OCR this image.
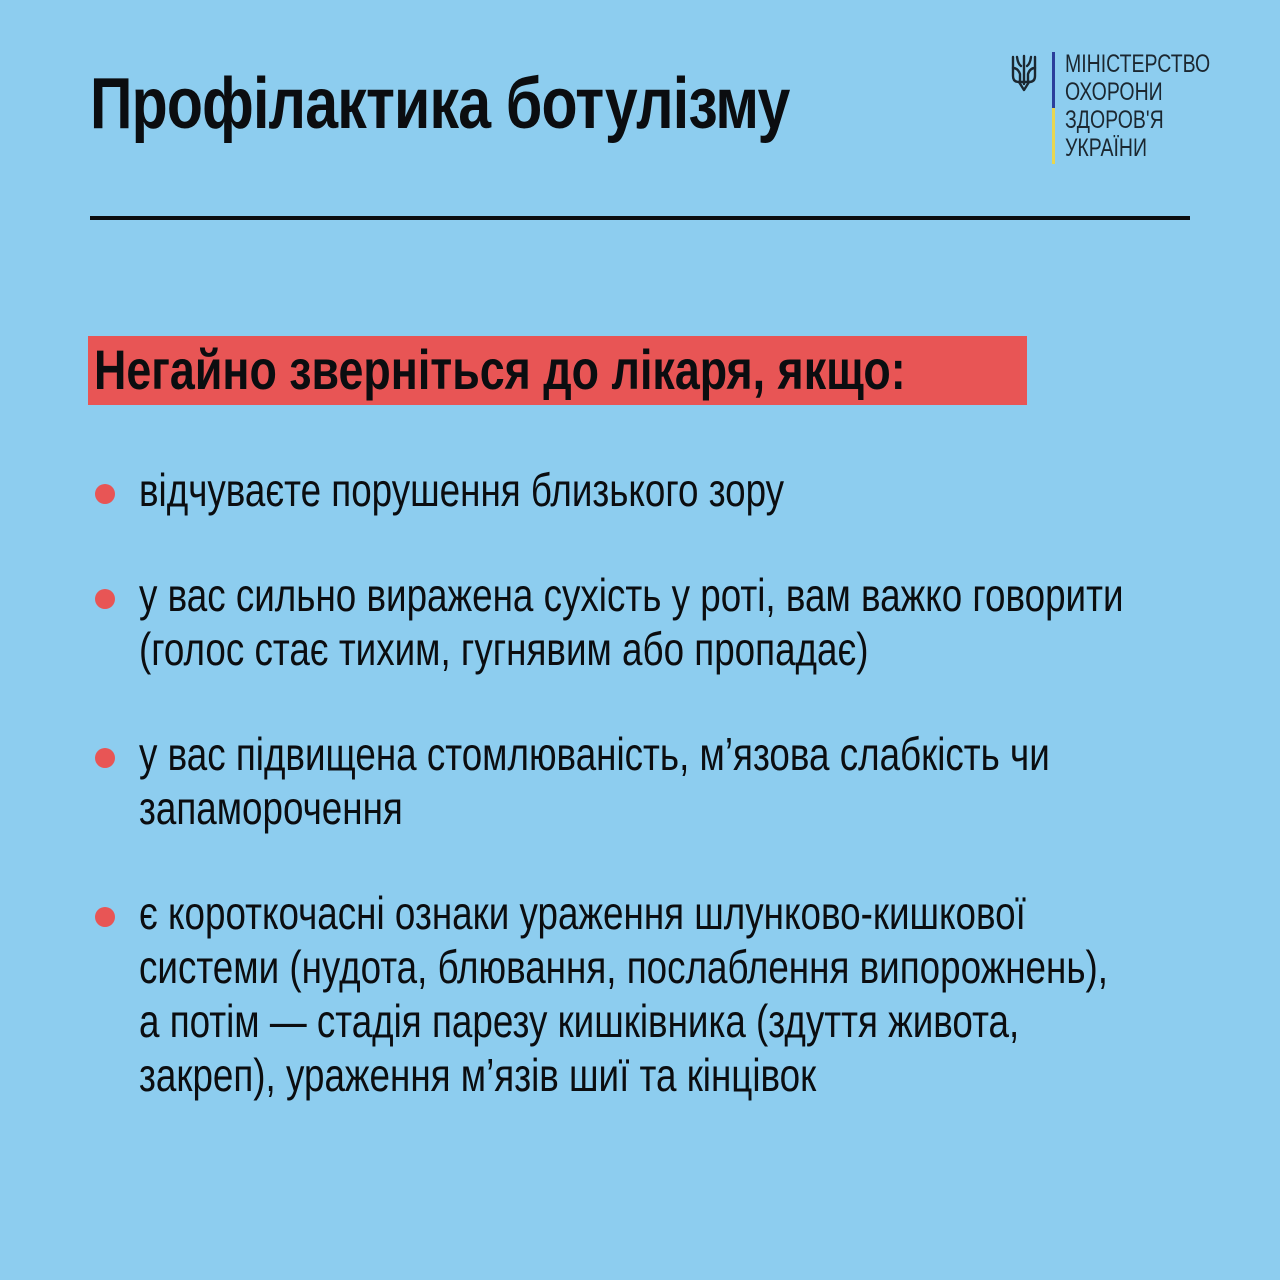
Профілактика ботулізму	МІНІСТЕРСТВО
ОХОРОНИ
ЗДОРОВ'Я
УКРАЇНИ
Негайно зверніться до лікаря, якщо:
відчуваєте порушення близького зору
у вас сильно виражена сухість у роті, вам важко говорити
(голос стає тихим, гугнявим або пропадає)
у вас підвищена стомлюваність, м’язова слабкість чи
запаморочення
є короткочасні ознаки ураження шлунково-кишкової
системи (нудота, блювання, послаблення випорожнень),
а потім — стадія парезу кишківника (здуття живота,
закреп), ураження м’язів шиї та кінцівок
